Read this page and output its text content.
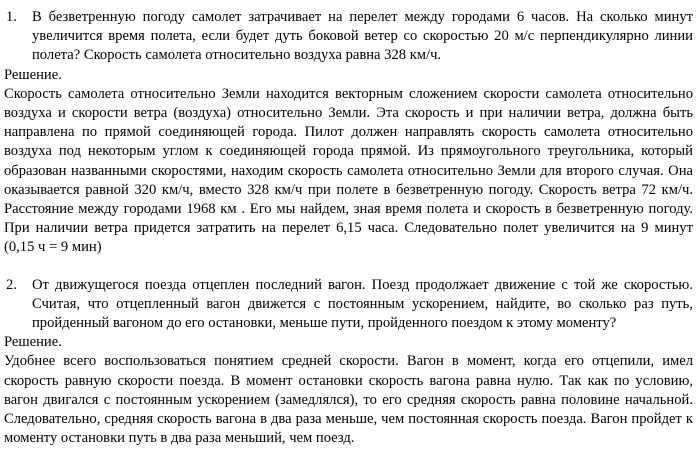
1. В безветренную погоду самолет затрачивает на перелет между городами 6 часов. На сколько минут увеличится время полета, если будет дуть боковой ветер со скоростью 20 м/с перпендикулярно линии полета? Скорость самолета относительно воздуха равна 328 км/ч.
Решение.
Скорость самолета относительно Земли находится векторным сложением скорости самолета относительно воздуха и скорости ветра (воздуха) относительно Земли. Эта скорость и при наличии ветра, должна быть направлена по прямой соединяющей города. Пилот должен направлять скорость самолета относительно воздуха под некоторым углом к соединяющей города прямой. Из прямоугольного треугольника, который образован названными скоростями, находим скорость самолета относительно Земли для второго случая. Она оказывается равной 320 км/ч, вместо 328 км/ч при полете в безветренную погоду. Скорость ветра 72 км/ч. Расстояние между городами 1968 км . Его мы найдем, зная время полета и скорость в безветренную погоду. При наличии ветра придется затратить на перелет 6,15 часа. Следовательно полет увеличится на 9 минут (0,15 ч = 9 мин)
2. От движущегося поезда отцеплен последний вагон. Поезд продолжает движение с той же скоростью. Считая, что отцепленный вагон движется с постоянным ускорением, найдите, во сколько раз путь, пройденный вагоном до его остановки, меньше пути, пройденного поездом к этому моменту?
Решение.
Удобнее всего воспользоваться понятием средней скорости. Вагон в момент, когда его отцепили, имел скорость равную скорости поезда. В момент остановки скорость вагона равна нулю. Так как по условию, вагон двигался с постоянным ускорением (замедлялся), то его средняя скорость равна половине начальной. Следовательно, средняя скорость вагона в два раза меньше, чем постоянная скорость поезда. Вагон пройдет к моменту остановки путь в два раза меньший, чем поезд.
